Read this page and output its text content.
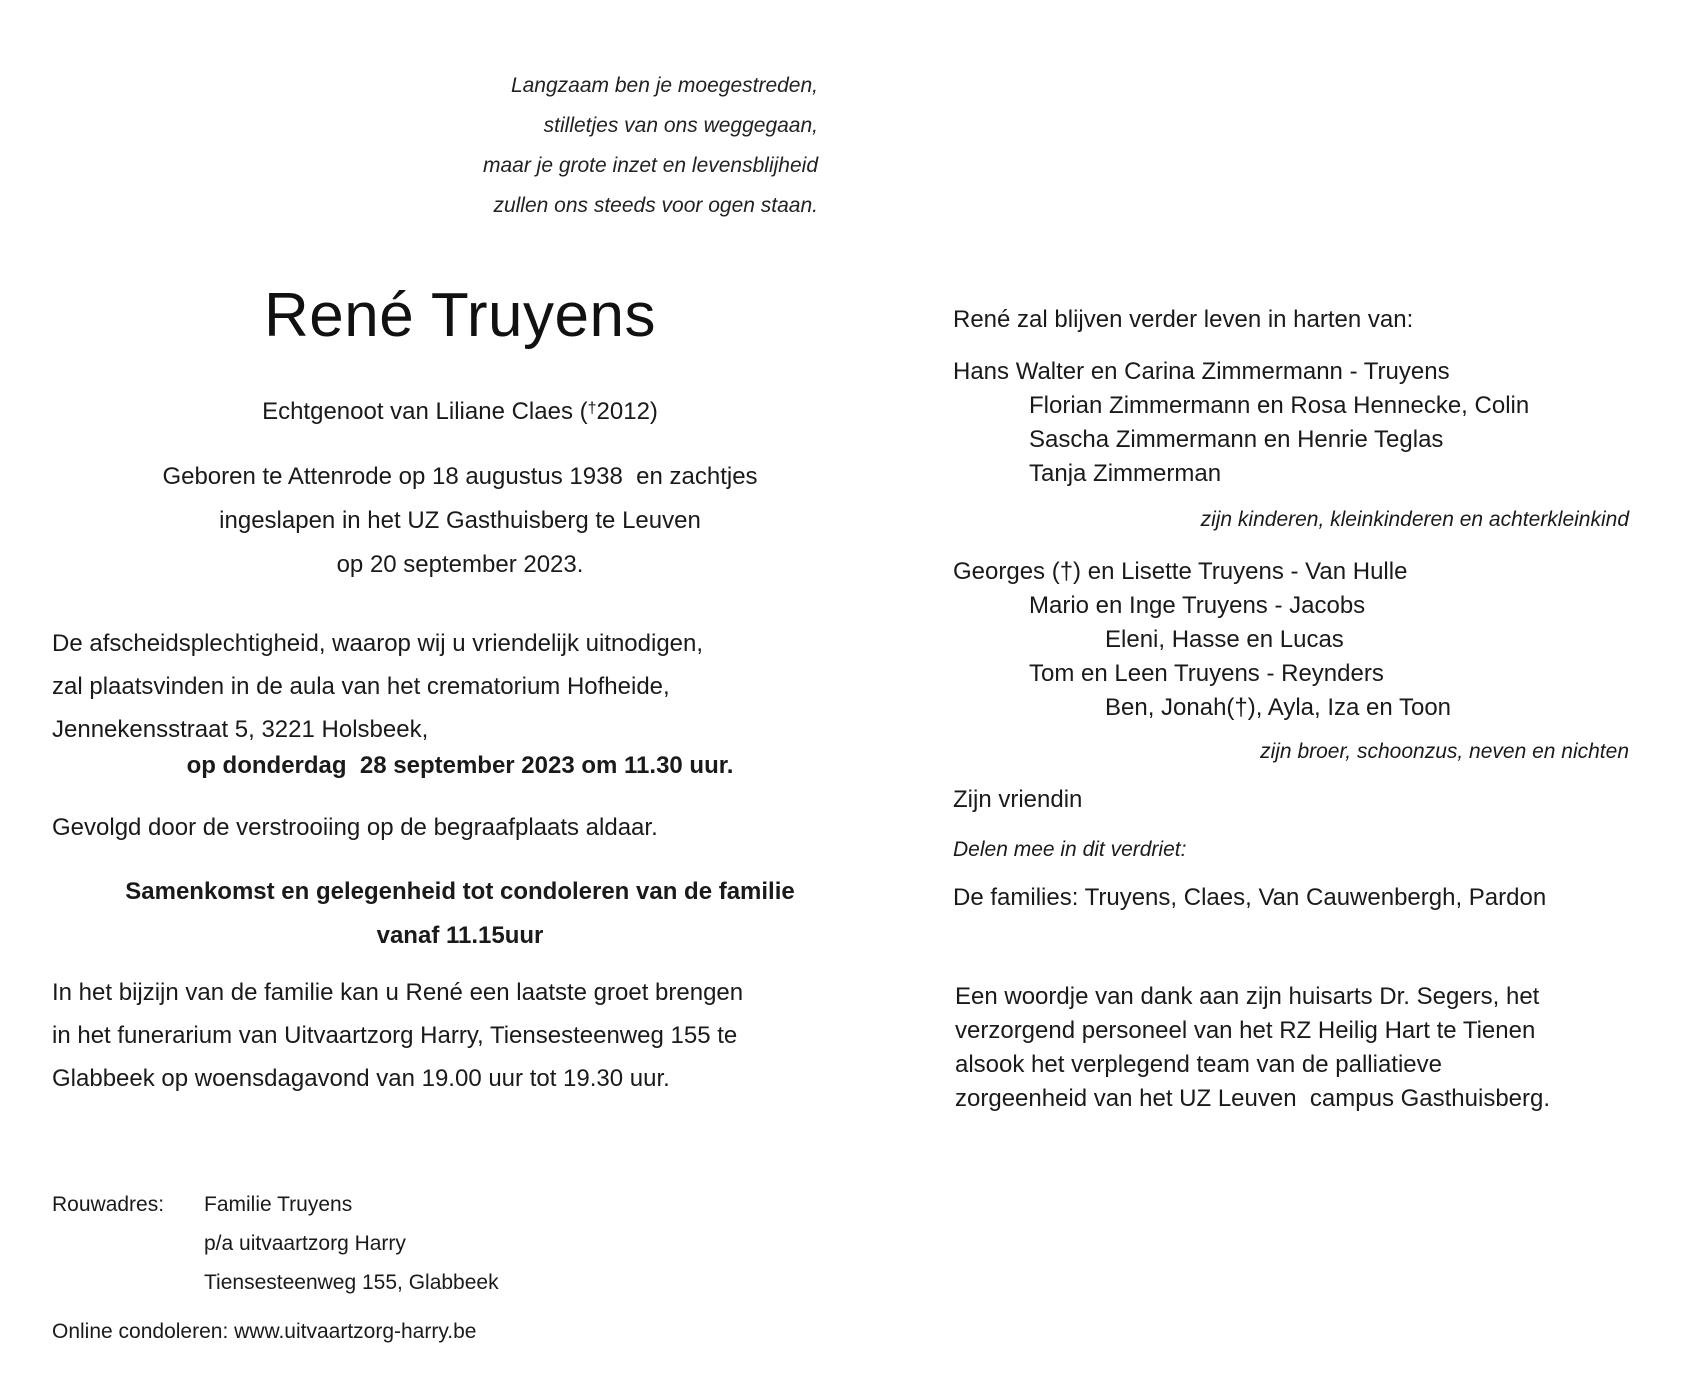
Langzaam ben je moegestreden,
stilletjes van ons weggegaan,
maar je grote inzet en levensblijheid
zullen ons steeds voor ogen staan.
René Truyens
Echtgenoot van Liliane Claes (†2012)
Geboren te Attenrode op 18 augustus 1938  en zachtjes
ingeslapen in het UZ Gasthuisberg te Leuven
op 20 september 2023.
De afscheidsplechtigheid, waarop wij u vriendelijk uitnodigen,
zal plaatsvinden in de aula van het crematorium Hofheide,
Jennekensstraat 5, 3221 Holsbeek,
op donderdag  28 september 2023 om 11.30 uur.
Gevolgd door de verstrooiing op de begraafplaats aldaar.
Samenkomst en gelegenheid tot condoleren van de familie
vanaf 11.15uur
In het bijzijn van de familie kan u René een laatste groet brengen
in het funerarium van Uitvaartzorg Harry, Tiensesteenweg 155 te
Glabbeek op woensdagavond van 19.00 uur tot 19.30 uur.
Rouwadres: Familie Truyens
p/a uitvaartzorg Harry
Tiensesteenweg 155, Glabbeek
Online condoleren: www.uitvaartzorg-harry.be
René zal blijven verder leven in harten van:
Hans Walter en Carina Zimmermann - Truyens
Florian Zimmermann en Rosa Hennecke, Colin
Sascha Zimmermann en Henrie Teglas
Tanja Zimmerman
zijn kinderen, kleinkinderen en achterkleinkind
Georges (†) en Lisette Truyens - Van Hulle
Mario en Inge Truyens - Jacobs
Eleni, Hasse en Lucas
Tom en Leen Truyens - Reynders
Ben, Jonah(†), Ayla, Iza en Toon
zijn broer, schoonzus, neven en nichten
Zijn vriendin
Delen mee in dit verdriet:
De families: Truyens, Claes, Van Cauwenbergh, Pardon
Een woordje van dank aan zijn huisarts Dr. Segers, het
verzorgend personeel van het RZ Heilig Hart te Tienen
alsook het verplegend team van de palliatieve
zorgeenheid van het UZ Leuven  campus Gasthuisberg.
